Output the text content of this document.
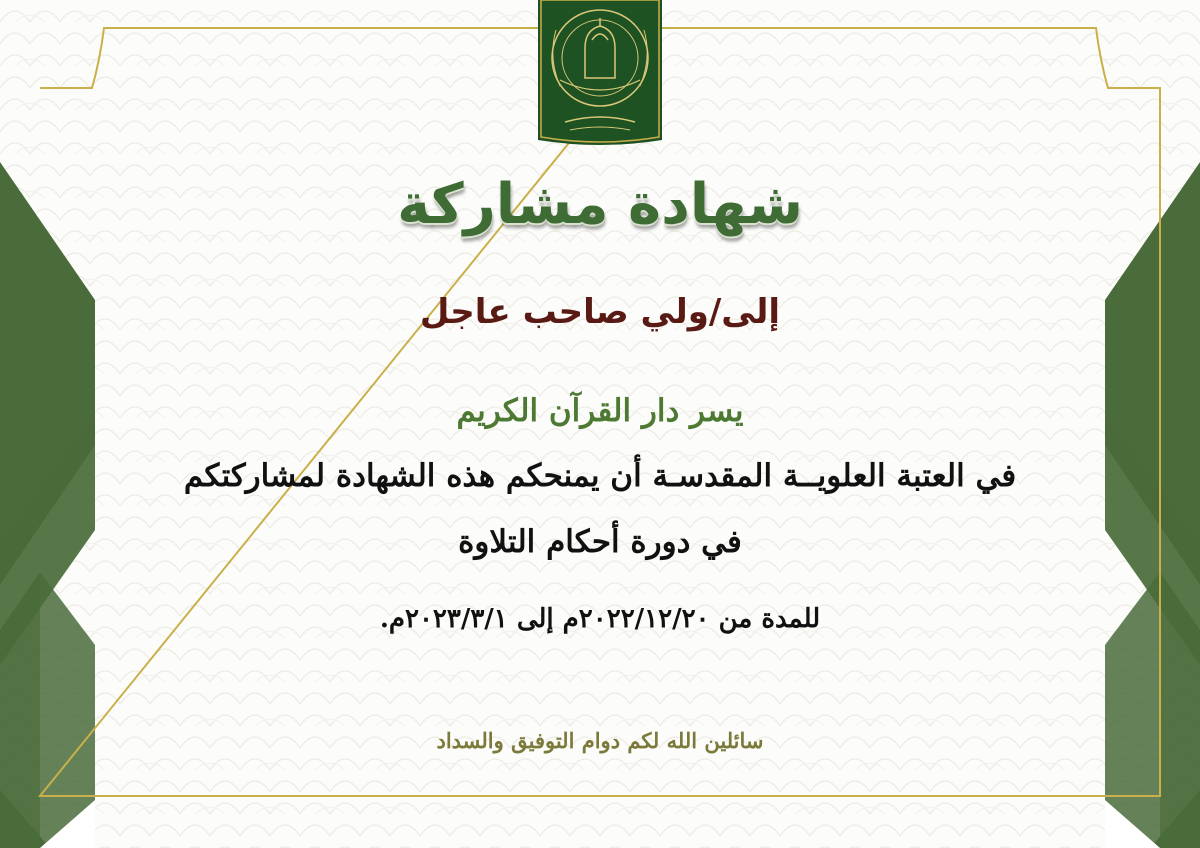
شهادة مشاركة
إلى/ولي صاحب عاجل
يسر دار القرآن الكريم
في العتبة العلويــة المقدسـة أن يمنحكم هذه الشهادة لمشاركتكم
في دورة أحكام التلاوة
للمدة من ٢٠٢٢/١٢/٢٠م إلى ٢٠٢٣/٣/١م.
سائلين الله لكم دوام التوفيق والسداد
